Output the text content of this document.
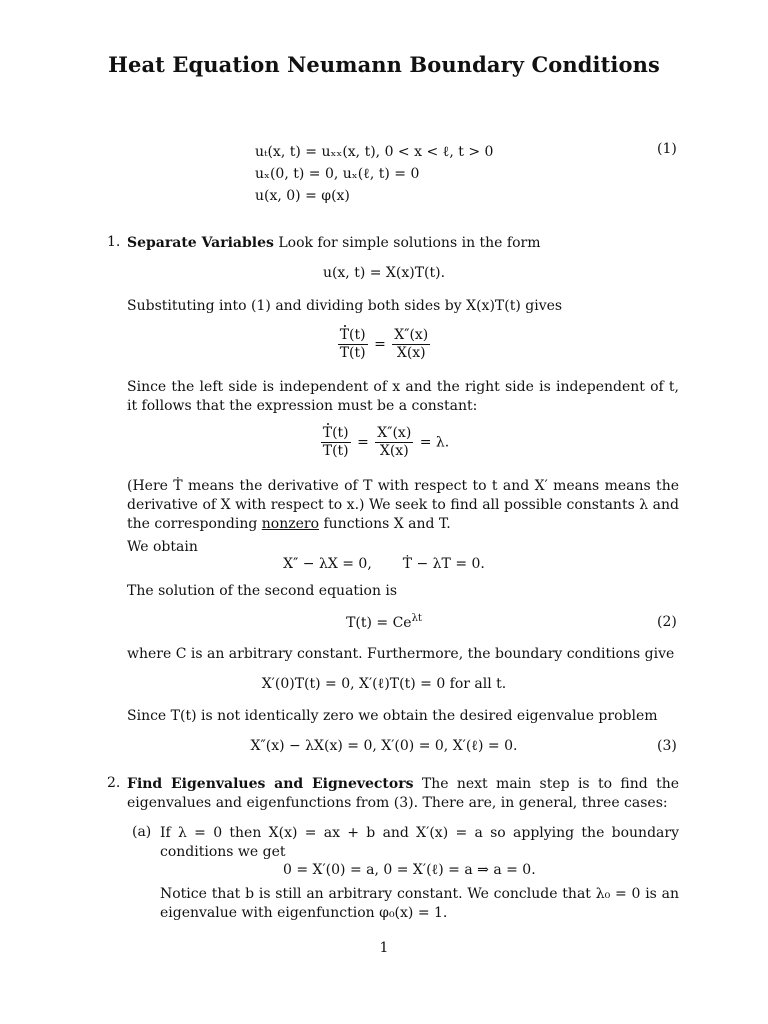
Heat Equation Neumann Boundary Conditions
uₜ(x, t) = uₓₓ(x, t), 0 < x < ℓ, t > 0
uₓ(0, t) = 0, uₓ(ℓ, t) = 0
u(x, 0) = φ(x)
(1)
1. Separate Variables Look for simple solutions in the form
u(x, t) = X(x)T(t).
Substituting into (1) and dividing both sides by X(x)T(t) gives
$\frac{T(t)}{T(t)} = \frac{X''(x)}{X(x)}$
Since the left side is independent of x and the right side is independent of t, it follows that the expression must be a constant:
$\frac{T(t)}{T(t)} = \frac{X''(x)}{X(x)} = \lambda$.
(Here Ṫ means the derivative of T with respect to t and X′ means means the derivative of X with respect to x.) We seek to find all possible constants λ and the corresponding nonzero functions X and T.
We obtain
X″ − λX = 0, Ṫ − λT = 0.
The solution of the second equation is
$T(t) = Ce^{\lambda t}$	(2)
where C is an arbitrary constant. Furthermore, the boundary conditions give
X′(0)T(t) = 0, X′(ℓ)T(t) = 0 for all t.
Since T(t) is not identically zero we obtain the desired eigenvalue problem
X″(x) − λX(x) = 0, X′(0) = 0, X′(ℓ) = 0.	(3)
2. Find Eigenvalues and Eignevectors The next main step is to find the eigenvalues and eigenfunctions from (3). There are, in general, three cases:
(a) If λ = 0 then X(x) = ax + b and X′(x) = a so applying the boundary conditions we get
0 = X′(0) = a, 0 = X′(ℓ) = a ⇒ a = 0.
Notice that b is still an arbitrary constant. We conclude that λ₀ = 0 is an eigenvalue with eigenfunction φ₀(x) = 1.
1
